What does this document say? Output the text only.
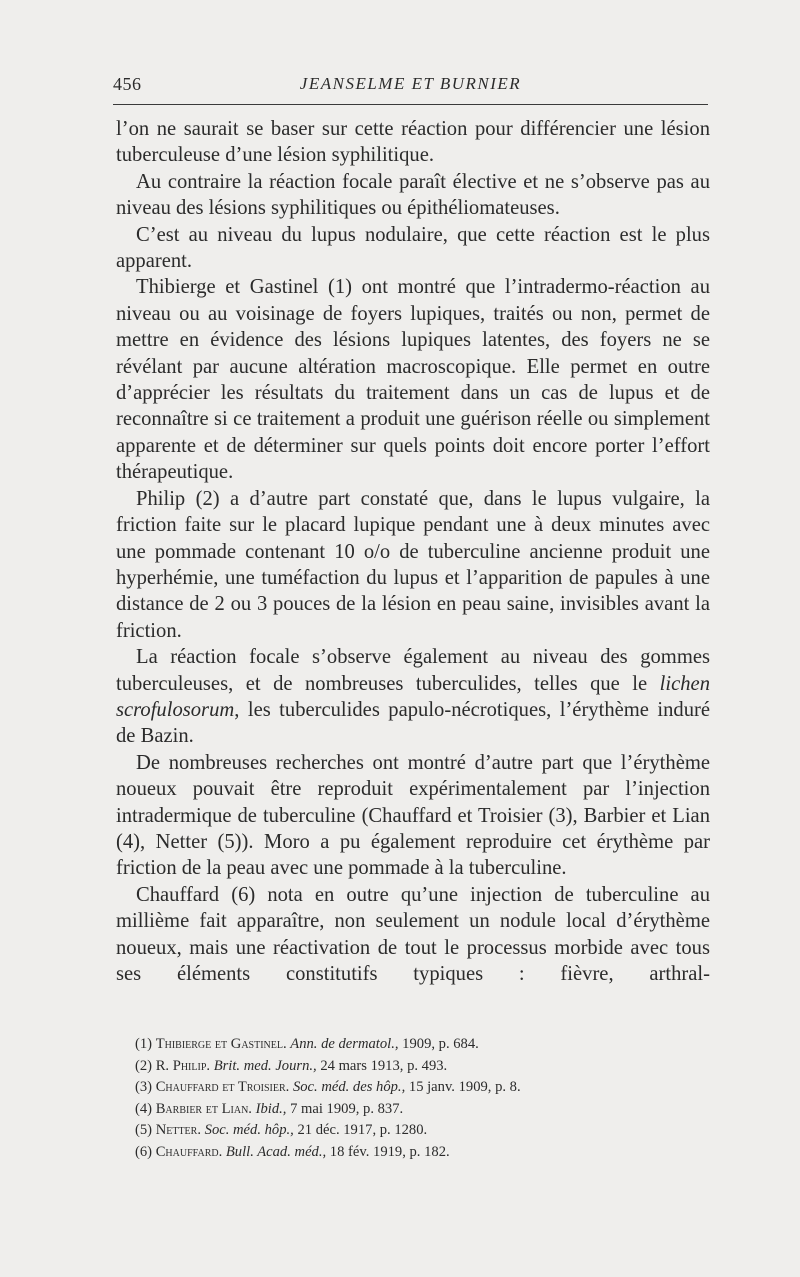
456	JEANSELME ET BURNIER

l’on ne saurait se baser sur cette réaction pour différencier une lésion tuberculeuse d’une lésion syphilitique.

Au contraire la réaction focale paraît élective et ne s’observe pas au niveau des lésions syphilitiques ou épithéliomateuses.

C’est au niveau du lupus nodulaire, que cette réaction est le plus apparent.

Thibierge et Gastinel (1) ont montré que l’intradermo-réaction au niveau ou au voisinage de foyers lupiques, traités ou non, permet de mettre en évidence des lésions lupiques latentes, des foyers ne se révélant par aucune altération macroscopique. Elle permet en outre d’apprécier les résultats du traitement dans un cas de lupus et de reconnaître si ce traitement a produit une guérison réelle ou simplement apparente et de déterminer sur quels points doit encore porter l’effort thérapeutique.

Philip (2) a d’autre part constaté que, dans le lupus vulgaire, la friction faite sur le placard lupique pendant une à deux minutes avec une pommade contenant 10 o/o de tuberculine ancienne produit une hyperhémie, une tuméfaction du lupus et l’apparition de papules à une distance de 2 ou 3 pouces de la lésion en peau saine, invisibles avant la friction.

La réaction focale s’observe également au niveau des gommes tuberculeuses, et de nombreuses tuberculides, telles que le lichen scrofulosorum, les tuberculides papulo-nécrotiques, l’érythème induré de Bazin.

De nombreuses recherches ont montré d’autre part que l’érythème noueux pouvait être reproduit expérimentalement par l’injection intradermique de tuberculine (Chauffard et Troisier (3), Barbier et Lian (4), Netter (5)). Moro a pu également reproduire cet érythème par friction de la peau avec une pommade à la tuberculine.

Chauffard (6) nota en outre qu’une injection de tuberculine au millième fait apparaître, non seulement un nodule local d’érythème noueux, mais une réactivation de tout le processus morbide avec tous ses éléments constitutifs typiques : fièvre, arthral-

(1) Thibierge et Gastinel. Ann. de dermatol., 1909, p. 684.
(2) R. Philip. Brit. med. Journ., 24 mars 1913, p. 493.
(3) Chauffard et Troisier. Soc. méd. des hôp., 15 janv. 1909, p. 8.
(4) Barbier et Lian. Ibid., 7 mai 1909, p. 837.
(5) Netter. Soc. méd. hôp., 21 déc. 1917, p. 1280.
(6) Chauffard. Bull. Acad. méd., 18 fév. 1919, p. 182.
